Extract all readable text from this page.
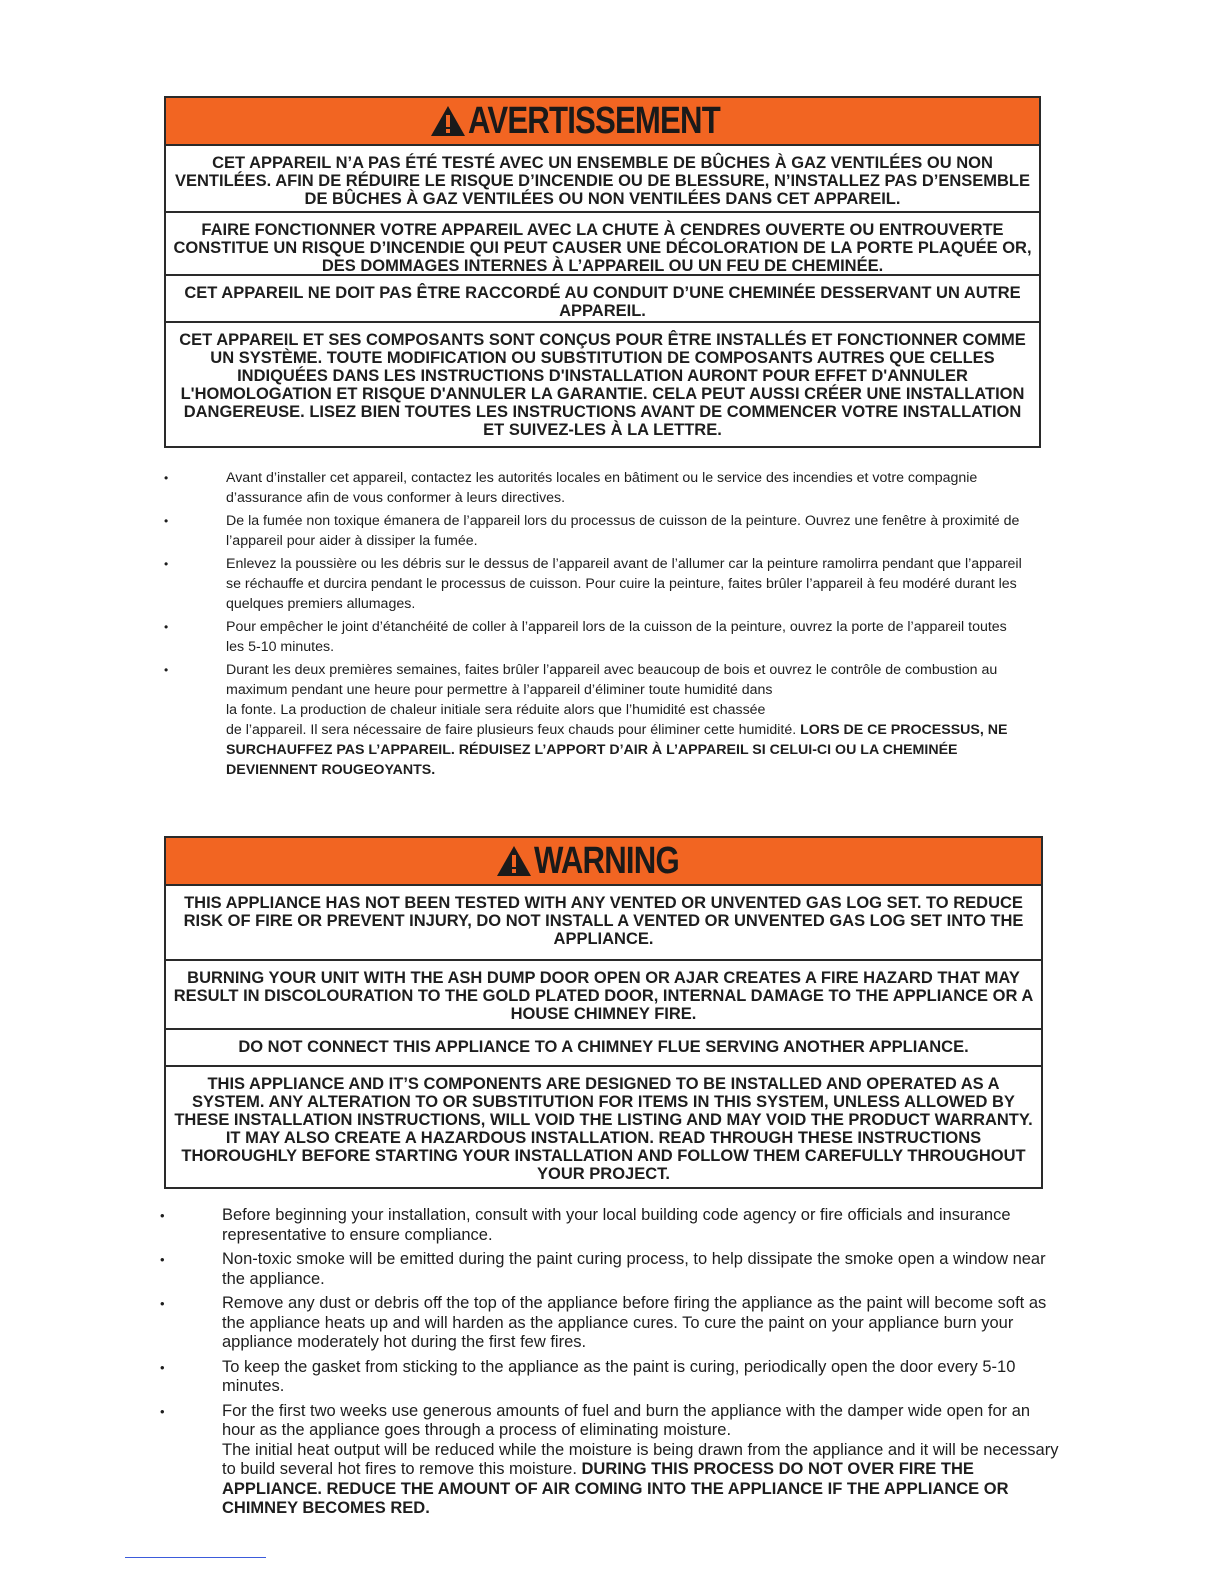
AVERTISSEMENT
CET APPAREIL N’A PAS ÉTÉ TESTÉ AVEC UN ENSEMBLE DE BÛCHES À GAZ VENTILÉES OU NON VENTILÉES. AFIN DE RÉDUIRE LE RISQUE D’INCENDIE OU DE BLESSURE, N’INSTALLEZ PAS D’ENSEMBLE DE BÛCHES À GAZ VENTILÉES OU NON VENTILÉES DANS CET APPAREIL.
FAIRE FONCTIONNER VOTRE APPAREIL AVEC LA CHUTE À CENDRES OUVERTE OU ENTROUVERTE CONSTITUE UN RISQUE D’INCENDIE QUI PEUT CAUSER UNE DÉCOLORATION DE LA PORTE PLAQUÉE OR, DES DOMMAGES INTERNES À L’APPAREIL OU UN FEU DE CHEMINÉE.
CET APPAREIL NE DOIT PAS ÊTRE RACCORDÉ AU CONDUIT D’UNE CHEMINÉE DESSERVANT UN AUTRE APPAREIL.
CET APPAREIL ET SES COMPOSANTS SONT CONÇUS POUR ÊTRE INSTALLÉS ET FONCTIONNER COMME UN SYSTÈME. TOUTE MODIFICATION OU SUBSTITUTION DE COMPOSANTS AUTRES QUE CELLES INDIQUÉES DANS LES INSTRUCTIONS D'INSTALLATION AURONT POUR EFFET D'ANNULER L'HOMOLOGATION ET RISQUE D'ANNULER LA GARANTIE. CELA PEUT AUSSI CRÉER UNE INSTALLATION DANGEREUSE. LISEZ BIEN TOUTES LES INSTRUCTIONS AVANT DE COMMENCER VOTRE INSTALLATION ET SUIVEZ-LES À LA LETTRE.
•	Avant d’installer cet appareil, contactez les autorités locales en bâtiment ou le service des incendies et votre compagnie d’assurance afin de vous conformer à leurs directives.
•	De la fumée non toxique émanera de l’appareil lors du processus de cuisson de la peinture. Ouvrez une fenêtre à proximité de l’appareil pour aider à dissiper la fumée.
•	Enlevez la poussière ou les débris sur le dessus de l’appareil avant de l’allumer car la peinture ramolirra pendant que l’appareil se réchauffe et durcira pendant le processus de cuisson. Pour cuire la peinture, faites brûler l’appareil à feu modéré durant les quelques premiers allumages.
•	Pour empêcher le joint d’étanchéité de coller à l’appareil lors de la cuisson de la peinture, ouvrez la porte de l’appareil toutes les 5-10 minutes.
•	Durant les deux premières semaines, faites brûler l’appareil avec beaucoup de bois et ouvrez le contrôle de combustion au maximum pendant une heure pour permettre à l’appareil d’éliminer toute humidité dans
la fonte. La production de chaleur initiale sera réduite alors que l’humidité est chassée
de l’appareil. Il sera nécessaire de faire plusieurs feux chauds pour éliminer cette humidité. LORS DE CE PROCESSUS, NE SURCHAUFFEZ PAS L’APPAREIL. RÉDUISEZ L’APPORT D’AIR À L’APPAREIL SI CELUI-CI OU LA CHEMINÉE DEVIENNENT ROUGEOYANTS.
WARNING
THIS APPLIANCE HAS NOT BEEN TESTED WITH ANY VENTED OR UNVENTED GAS LOG SET. TO REDUCE RISK OF FIRE OR PREVENT INJURY, DO NOT INSTALL A VENTED OR UNVENTED GAS LOG SET INTO THE APPLIANCE.
BURNING YOUR UNIT WITH THE ASH DUMP DOOR OPEN OR AJAR CREATES A FIRE HAZARD THAT MAY RESULT IN DISCOLOURATION TO THE GOLD PLATED DOOR, INTERNAL DAMAGE TO THE APPLIANCE OR A HOUSE CHIMNEY FIRE.
DO NOT CONNECT THIS APPLIANCE TO A CHIMNEY FLUE SERVING ANOTHER APPLIANCE.
THIS APPLIANCE AND IT’S COMPONENTS ARE DESIGNED TO BE INSTALLED AND OPERATED AS A SYSTEM. ANY ALTERATION TO OR SUBSTITUTION FOR ITEMS IN THIS SYSTEM, UNLESS ALLOWED BY THESE INSTALLATION INSTRUCTIONS, WILL VOID THE LISTING AND MAY VOID THE PRODUCT WARRANTY. IT MAY ALSO CREATE A HAZARDOUS INSTALLATION. READ THROUGH THESE INSTRUCTIONS THOROUGHLY BEFORE STARTING YOUR INSTALLATION AND FOLLOW THEM CAREFULLY THROUGHOUT YOUR PROJECT.
•	Before beginning your installation, consult with your local building code agency or fire officials and insurance representative to ensure compliance.
•	Non-toxic smoke will be emitted during the paint curing process, to help dissipate the smoke open a window near the appliance.
•	Remove any dust or debris off the top of the appliance before firing the appliance as the paint will become soft as the appliance heats up and will harden as the appliance cures. To cure the paint on your appliance burn your appliance moderately hot during the first few fires.
•	To keep the gasket from sticking to the appliance as the paint is curing, periodically open the door every 5-10 minutes.
•	For the first two weeks use generous amounts of fuel and burn the appliance with the damper wide open for an hour as the appliance goes through a process of eliminating moisture.
The initial heat output will be reduced while the moisture is being drawn from the appliance and it will be necessary to build several hot fires to remove this moisture. DURING THIS PROCESS DO NOT OVER FIRE THE APPLIANCE. REDUCE THE AMOUNT OF AIR COMING INTO THE APPLIANCE IF THE APPLIANCE OR CHIMNEY BECOMES RED.
